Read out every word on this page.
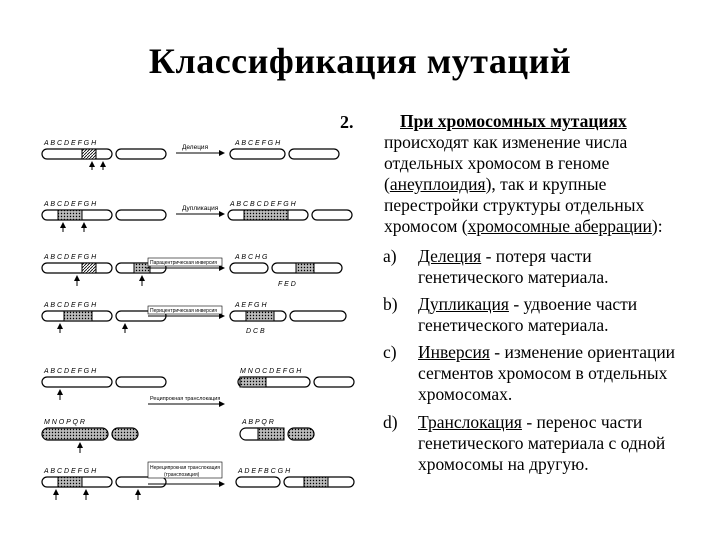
Классификация мутаций
A B C D E F G H
Делеция
A B C E F G H
A B C D E F G H
Дупликация
A B C B C D E F G H
A B C D E F G H
Парацентрическая инверсия
A B C H G
F E D
A B C D E F G H
Перицентрическая инверсия
A E F G H
D C B
A B C D E F G H
Реципрокная транслокация
M N O C D E F G H
M N O P Q R	A B P Q R
A B C D E F G H	Нереципрокная транслокация
(транспозиция)	A D E F B C G H
2.	При хромосомных мутациях
происходят как изменение числа
отдельных хромосом в геноме
(анеуплоидия), так и крупные
перестройки структуры отдельных
хромосом (хромосомные аберрации):
a) Делеция - потеря части
генетического материала.
b) Дупликация - удвоение части
генетического материала.
c) Инверсия - изменение ориентации
сегментов хромосом в отдельных
хромосомах.
d) Транслокация - перенос части
генетического материала с одной
хромосомы на другую.
